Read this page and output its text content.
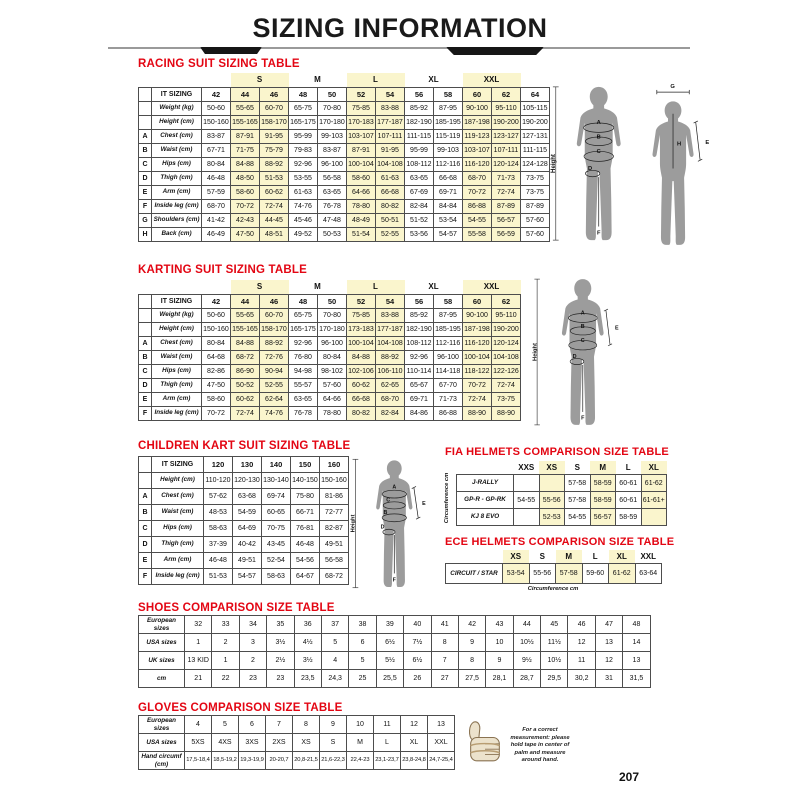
SIZING INFORMATION
RACING SUIT SIZING TABLE
KARTING SUIT SIZING TABLE
CHILDREN KART SUIT SIZING TABLE	FIA HELMETS COMPARISON SIZE TABLE
ECE HELMETS COMPARISON SIZE TABLE
SHOES COMPARISON SIZE TABLE
GLOVES COMPARISON SIZE TABLE
			S		M		L		XL		XXL		
	IT SIZING	42	44	46	48	50	52	54	56	58	60	62	64
	Weight (kg)	50-60	55-65	60-70	65-75	70-80	75-85	83-88	85-92	87-95	90-100	95-110	105-115
	Height (cm)	150-160	155-165	158-170	165-175	170-180	170-183	177-187	182-190	185-195	187-198	190-200	190-200
A	Chest (cm)	83-87	87-91	91-95	95-99	99-103	103-107	107-111	111-115	115-119	119-123	123-127	127-131
B	Waist (cm)	67-71	71-75	75-79	79-83	83-87	87-91	91-95	95-99	99-103	103-107	107-111	111-115
C	Hips (cm)	80-84	84-88	88-92	92-96	96-100	100-104	104-108	108-112	112-116	116-120	120-124	124-128
D	Thigh (cm)	46-48	48-50	51-53	53-55	56-58	58-60	61-63	63-65	66-68	68-70	71-73	73-75
E	Arm (cm)	57-59	58-60	60-62	61-63	63-65	64-66	66-68	67-69	69-71	70-72	72-74	73-75
F	Inside leg (cm)	68-70	70-72	72-74	74-76	76-78	78-80	80-82	82-84	84-84	86-88	87-89	87-89
G	Shoulders (cm)	41-42	42-43	44-45	45-46	47-48	48-49	50-51	51-52	53-54	54-55	56-57	57-60
H	Back (cm)	46-49	47-50	48-51	49-52	50-53	51-54	52-55	53-56	54-57	55-58	56-59	57-60
			S		M		L		XL		XXL	
	IT SIZING	42	44	46	48	50	52	54	56	58	60	62
	Weight (kg)	50-60	55-65	60-70	65-75	70-80	75-85	83-88	85-92	87-95	90-100	95-110
	Height (cm)	150-160	155-165	158-170	165-175	170-180	173-183	177-187	182-190	185-195	187-198	190-200
A	Chest (cm)	80-84	84-88	88-92	92-96	96-100	100-104	104-108	108-112	112-116	116-120	120-124
B	Waist (cm)	64-68	68-72	72-76	76-80	80-84	84-88	88-92	92-96	96-100	100-104	104-108
C	Hips (cm)	82-86	86-90	90-94	94-98	98-102	102-106	106-110	110-114	114-118	118-122	122-126
D	Thigh (cm)	47-50	50-52	52-55	55-57	57-60	60-62	62-65	65-67	67-70	70-72	72-74
E	Arm (cm)	58-60	60-62	62-64	63-65	64-66	66-68	68-70	69-71	71-73	72-74	73-75
F	Inside leg (cm)	70-72	72-74	74-76	76-78	78-80	80-82	82-84	84-86	86-88	88-90	88-90
	IT SIZING	120	130	140	150	160
	Height (cm)	110-120	120-130	130-140	140-150	150-160
A	Chest (cm)	57-62	63-68	69-74	75-80	81-86
B	Waist (cm)	48-53	54-59	60-65	66-71	72-77
C	Hips (cm)	58-63	64-69	70-75	76-81	82-87
D	Thigh (cm)	37-39	40-42	43-45	46-48	49-51
E	Arm (cm)	46-48	49-51	52-54	54-56	56-58
F	Inside leg (cm)	51-53	54-57	58-63	64-67	68-72
	XXS	XS	S	M	L	XL
J-RALLY			57-58	58-59	60-61	61-62
GP-R - GP-RK	54-55	55-56	57-58	58-59	60-61	61-61+
KJ 8 EVO		52-53	54-55	56-57	58-59	
	XS	S	M	L	XL	XXL
CIRCUIT / STAR	53-54	55-56	57-58	59-60	61-62	63-64
European sizes	32	33	34	35	36	37	38	39	40	41	42	43	44	45	46	47	48
USA sizes	1	2	3	3½	4½	5	6	6½	7½	8	9	10	10½	11½	12	13	14
UK sizes	13 KID	1	2	2½	3½	4	5	5½	6½	7	8	9	9½	10½	11	12	13
cm	21	22	23	23	23,5	24,3	25	25,5	26	27	27,5	28,1	28,7	29,5	30,2	31	31,5
European sizes	4	5	6	7	8	9	10	11	12	13
USA sizes	5XS	4XS	3XS	2XS	XS	S	M	L	XL	XXL
Hand circumf (cm)	17,5-18,4	18,5-19,2	19,3-19,9	20-20,7	20,8-21,5	21,6-22,3	22,4-23	23,1-23,7	23,8-24,8	24,7-25,4
Circumference cm
Circumference cm
Height
A
B
C
D
F
G
H	E
Height
A
B
C
D
E
F
Height
A
C
B
D
E
F
For a correct measurement: please hold tape in center of palm and measure around hand.
207
